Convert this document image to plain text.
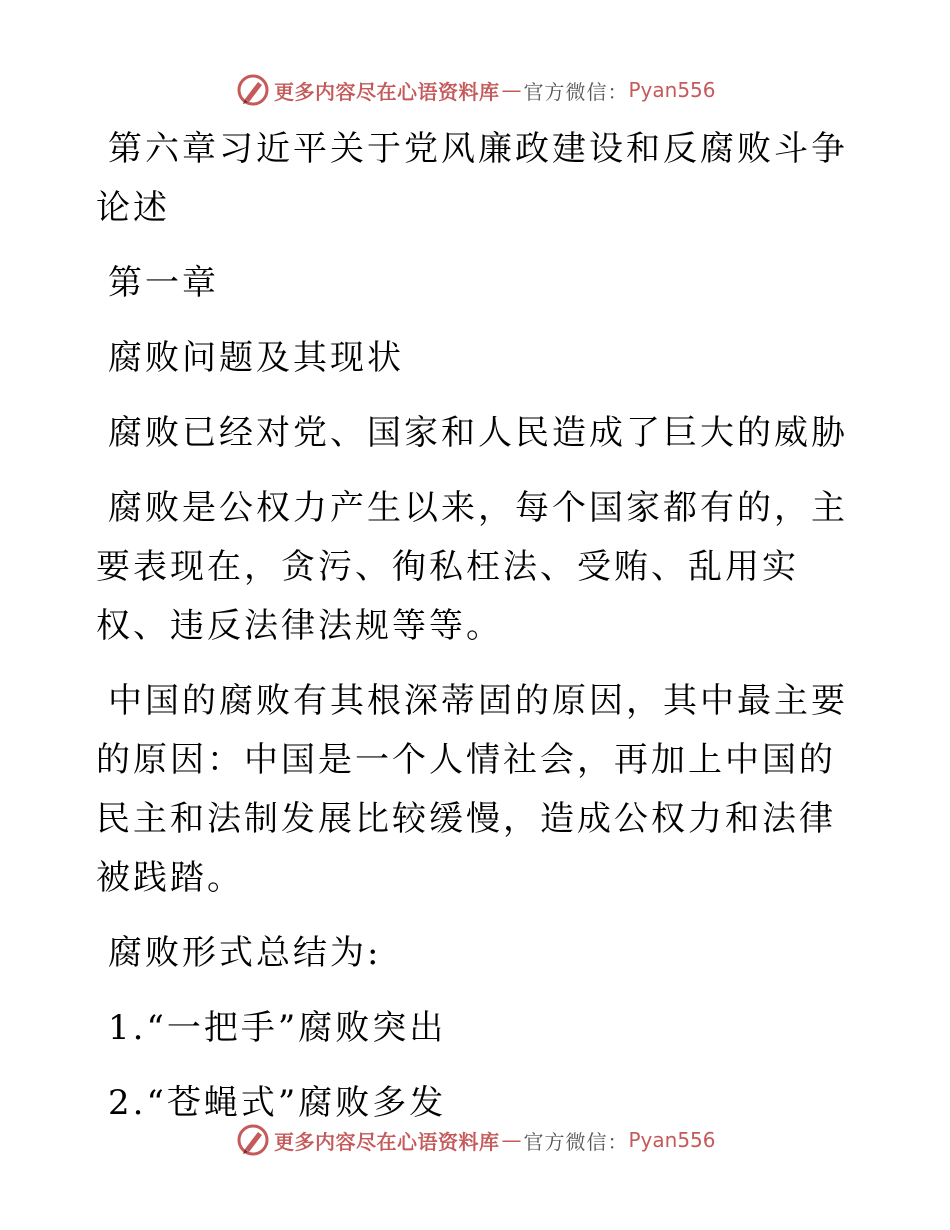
更多内容尽在心语资料库 — 官方微信： Pyan556

第六章习近平关于党风廉政建设和反腐败斗争论述

第一章

腐败问题及其现状

腐败已经对党、国家和人民造成了巨大的威胁

腐败是公权力产生以来，每个国家都有的，主要表现在，贪污、徇私枉法、受贿、乱用实权、违反法律法规等等。

中国的腐败有其根深蒂固的原因，其中最主要的原因：中国是一个人情社会，再加上中国的民主和法制发展比较缓慢，造成公权力和法律被践踏。

腐败形式总结为:

1.“一把手”腐败突出

2.“苍蝇式”腐败多发

更多内容尽在心语资料库 — 官方微信： Pyan556
